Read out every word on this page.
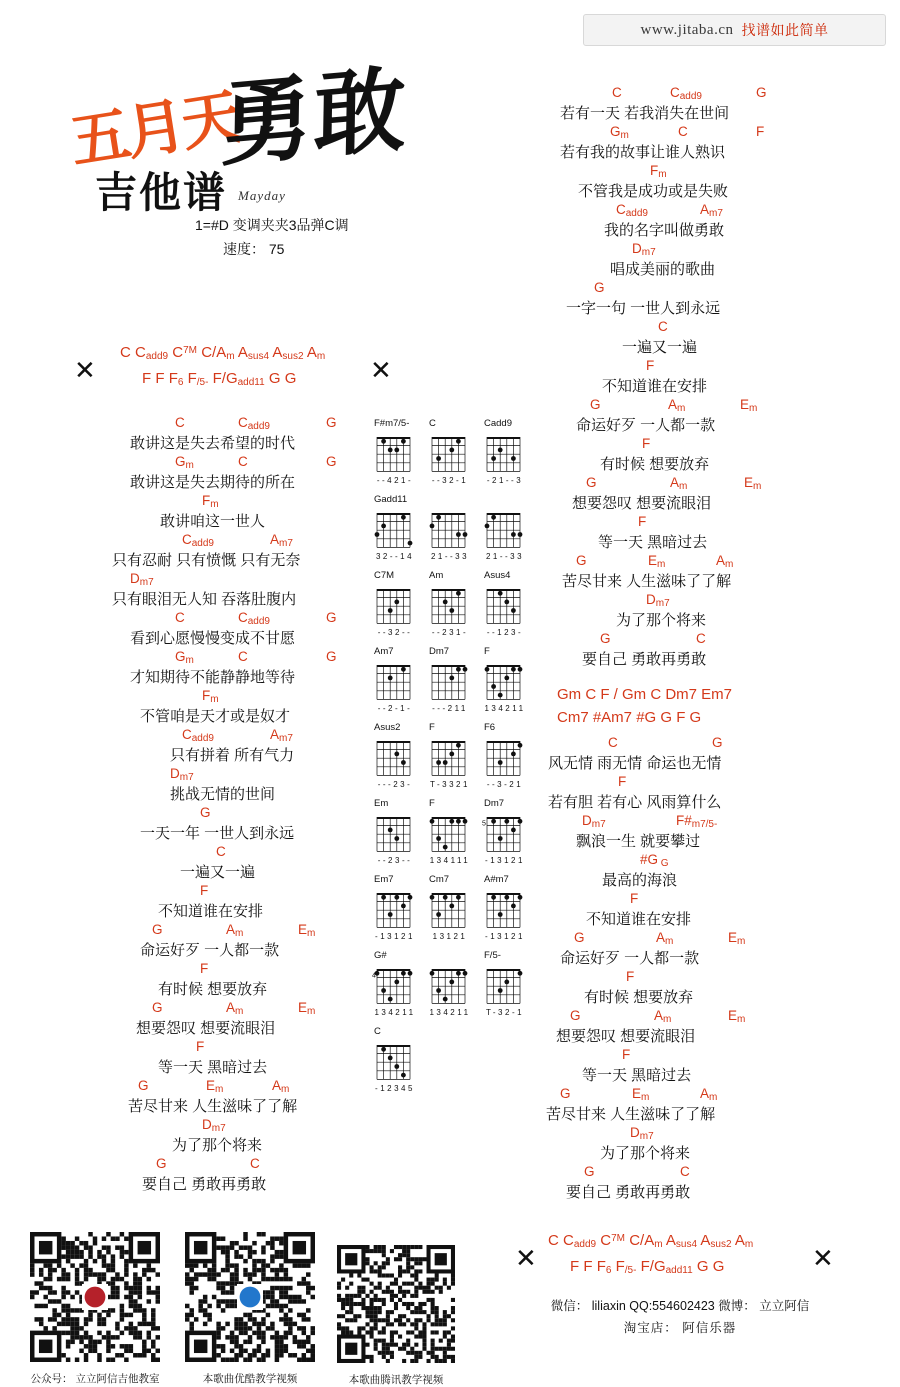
www.jitaba.cn 找谱如此简单
五月天
勇敢
Mayday
吉他谱
1=#D 变调夹夹3品弹C调
速度： 75
✕	✕
C $C_{add9}$ $C^{7M}$ $C/A_m$ $A_{sus4}$ $A_{sus2}$ $A_m$
F F $F_6$ $F_{/5-}$ $F/G_{add11}$ G G
C	$C_{add9}$	G
敢讲这是失去希望的时代
$G_m$	C	G
敢讲这是失去期待的所在
$F_m$
敢讲咱这一世人
$C_{add9}$	$A_{m7}$
只有忍耐 只有愤慨 只有无奈
$D_{m7}$
只有眼泪无人知 吞落肚腹内
C	$C_{add9}$	G
看到心愿慢慢变成不甘愿
$G_m$	C	G
才知期待不能静静地等待
$F_m$
不管咱是天才或是奴才
$C_{add9}$	$A_{m7}$
只有拼着 所有气力
$D_{m7}$
挑战无情的世间
G
一天一年 一世人到永远
C
一遍又一遍
F
不知道谁在安排
G	$A_m$	$E_m$
命运好歹 一人都一款
F
有时候 想要放弃
G	$A_m$	$E_m$
想要怨叹 想要流眼泪
F
等一天 黑暗过去
G	$E_m$	$A_m$
苦尽甘来 人生滋味了了解
$D_{m7}$
为了那个将来
G	C
要自己 勇敢再勇敢
C	$C_{add9}$	G
若有一天 若我消失在世间
$G_m$	C	F
若有我的故事让谁人熟识
$F_m$
不管我是成功或是失败
$C_{add9}$	$A_{m7}$
我的名字叫做勇敢
$D_{m7}$
唱成美丽的歌曲
G
一字一句 一世人到永远
C
一遍又一遍
F
不知道谁在安排
G	$A_m$	$E_m$
命运好歹 一人都一款
F
有时候 想要放弃
G	$A_m$	$E_m$
想要怨叹 想要流眼泪
F
等一天 黑暗过去
G	$E_m$	$A_m$
苦尽甘来 人生滋味了了解
$D_{m7}$
为了那个将来
G	C
要自己 勇敢再勇敢
F#m7/5-
--421-
C
--32-1
Cadd9
-21--3
Gadd11
32--14	21--33	21--33
C7M
--32--
Am
--231-
Asus4
--123-
Am7
--2-1-
Dm7
---211
F
134211
Asus2
---23-
F
T-3321
F6
--3-21
Em
--23--
F
134111
Dm7
5
-13121
Em7
-13121
Cm7
13121
A#m7
-13121
G#
4
134211	134211
F/5-
T-32-1
C
-12345
Gm C F / Gm C Dm7 Em7
Cm7 #Am7 #G G F G
C	G
风无情 雨无情 命运也无情
F
若有胆 若有心 风雨算什么
$D_{m7}$	$F\#_{m7/5-}$
飘浪一生 就要攀过
#G $_G$
最高的海浪
F
不知道谁在安排
G	$A_m$	$E_m$
命运好歹 一人都一款
F
有时候 想要放弃
G	$A_m$	$E_m$
想要怨叹 想要流眼泪
F
等一天 黑暗过去
G	$E_m$	$A_m$
苦尽甘来 人生滋味了了解
$D_{m7}$
为了那个将来
G	C
要自己 勇敢再勇敢
✕	✕
C $C_{add9}$ $C^{7M}$ $C/A_m$ $A_{sus4}$ $A_{sus2}$ $A_m$
F F $F_6$ $F_{/5-}$ $F/G_{add11}$ G G
公众号： 立立阿信吉他教室	本歌曲优酷教学视频	本歌曲腾讯教学视频
微信： liliaxin QQ:554602423 微博： 立立阿信
淘宝店： 阿信乐器
